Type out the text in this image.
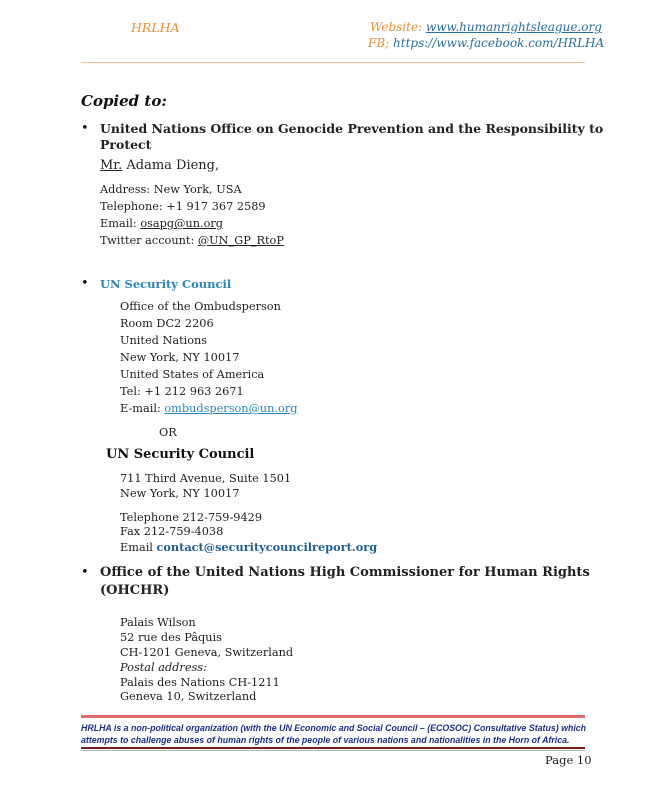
HRLHA	Website: www.humanrightsleague.org
FB; https://www.facebook.com/HRLHA
Copied to:
• United Nations Office on Genocide Prevention and the Responsibility to
Protect
Mr. Adama Dieng,
Address: New York, USA
Telephone: +1 917 367 2589
Email: osapg@un.org
Twitter account: @UN_GP_RtoP
• UN Security Council
Office of the Ombudsperson
Room DC2 2206
United Nations
New York, NY 10017
United States of America
Tel: +1 212 963 2671
E-mail: ombudsperson@un.org
OR
UN Security Council
711 Third Avenue, Suite 1501
New York, NY 10017
Telephone 212-759-9429
Fax 212-759-4038
Email contact@securitycouncilreport.org
• Office of the United Nations High Commissioner for Human Rights
(OHCHR)
Palais Wilson
52 rue des Pâquis
CH-1201 Geneva, Switzerland
Postal address:
Palais des Nations CH-1211
Geneva 10, Switzerland
HRLHA is a non-political organization (with the UN Economic and Social Council – (ECOSOC) Consultative Status) which attempts to challenge abuses of human rights of the people of various nations and nationalities in the Horn of Africa.
Page 10
